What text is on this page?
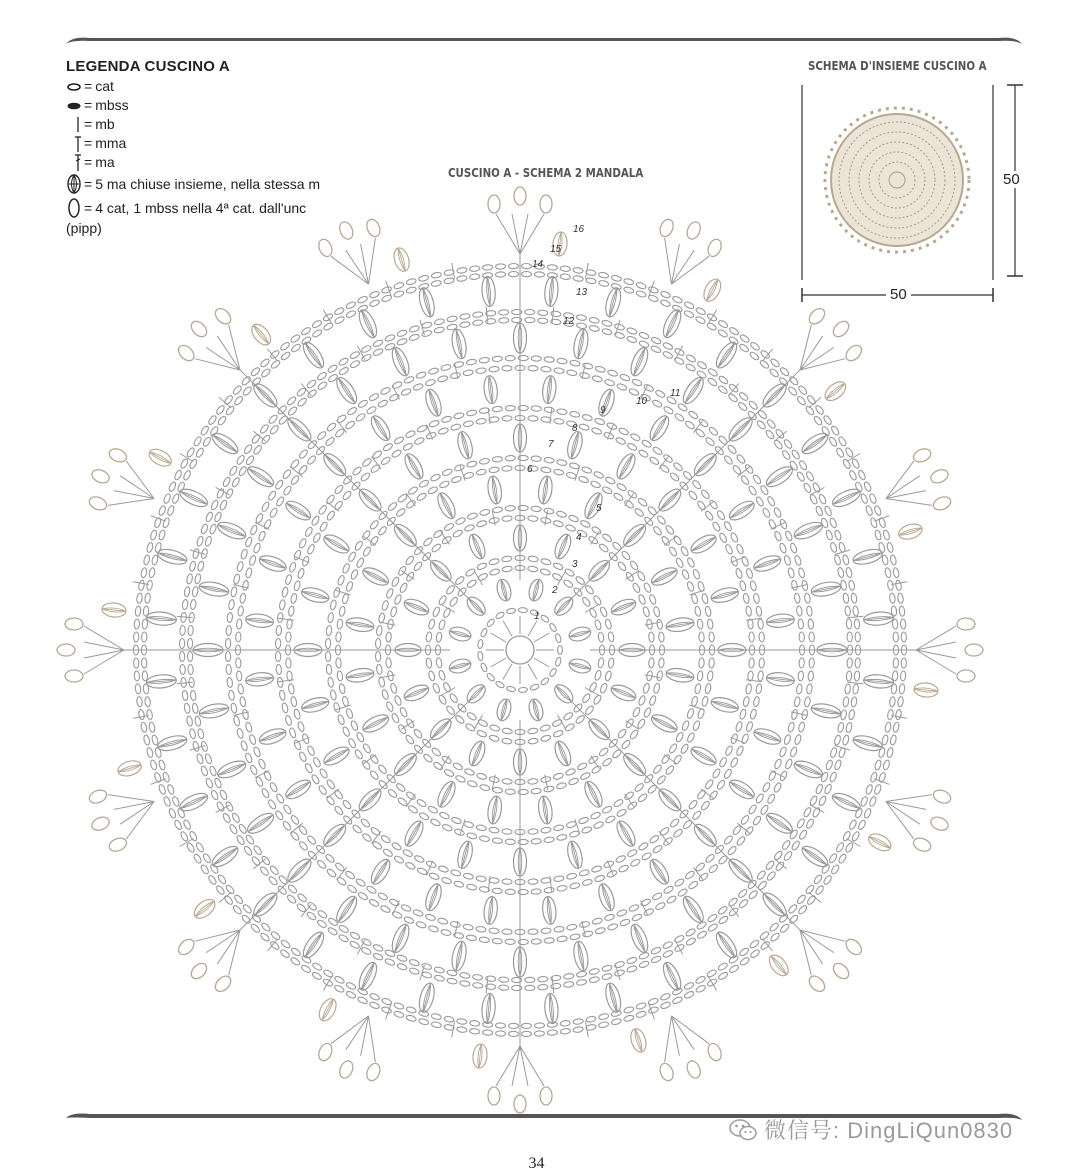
LEGENDA CUSCINO A
= cat
= mbss
= mb
= mma
= ma
= 5 ma chiuse insieme, nella stessa m
= 4 cat, 1 mbss nella 4ª cat. dall'unc
(pipp)
SCHEMA D'INSIEME CUSCINO A
50
50
CUSCINO A - SCHEMA 2 MANDALA
1
2
3
4
5
6
7
8
9
10
11
12
13
14
15
16
微信号: DingLiQun0830
34
